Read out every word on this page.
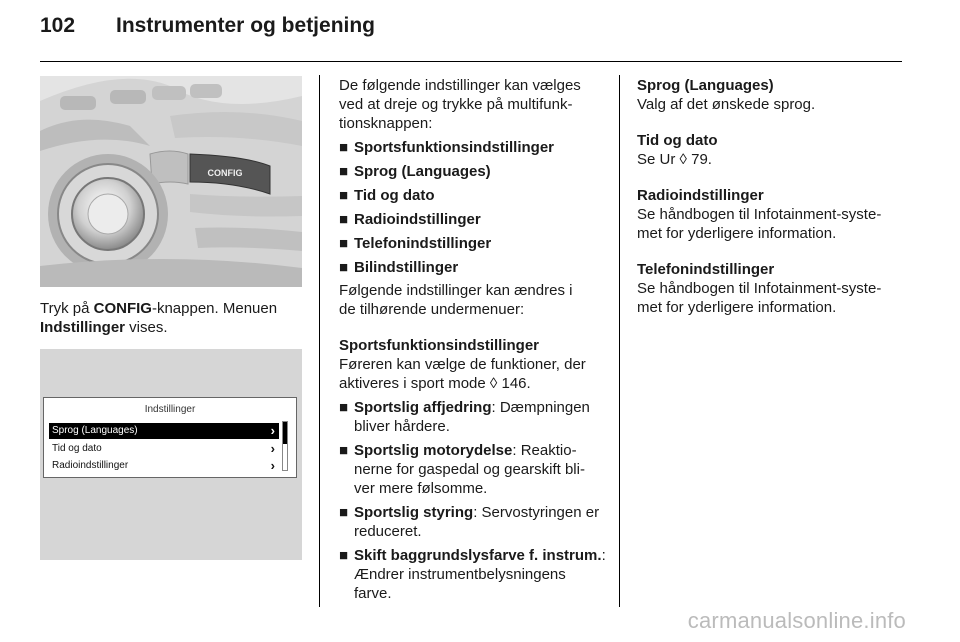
102 Instrumenter og betjening
CONFIG
Tryk på CONFIG-knappen. Menuen
Indstillinger vises.
Indstillinger
Sprog (Languages)	›
Tid og dato	›
Radioindstillinger	›

De følgende indstillinger kan vælges
ved at dreje og trykke på multifunk-
tionsknappen:

■ Sportsfunktionsindstillinger
■ Sprog (Languages)
■ Tid og dato
■ Radioindstillinger
■ Telefonindstillinger
■ Bilindstillinger

Følgende indstillinger kan ændres i
de tilhørende undermenuer:

Sportsfunktionsindstillinger
Føreren kan vælge de funktioner, der
aktiveres i sport mode ◊ 146.

■ Sportslig affjedring: Dæmpningen
bliver hårdere.
■ Sportslig motorydelse: Reaktio-
nerne for gaspedal og gearskift bli-
ver mere følsomme.
■ Sportslig styring: Servostyringen er
reduceret.
■ Skift baggrundslysfarve f. instrum.:
Ændrer instrumentbelysningens
farve.

Sprog (Languages)
Valg af det ønskede sprog.

Tid og dato
Se Ur ◊ 79.

Radioindstillinger
Se håndbogen til Infotainment-syste-
met for yderligere information.

Telefonindstillinger
Se håndbogen til Infotainment-syste-
met for yderligere information.

carmanualsonline.info
